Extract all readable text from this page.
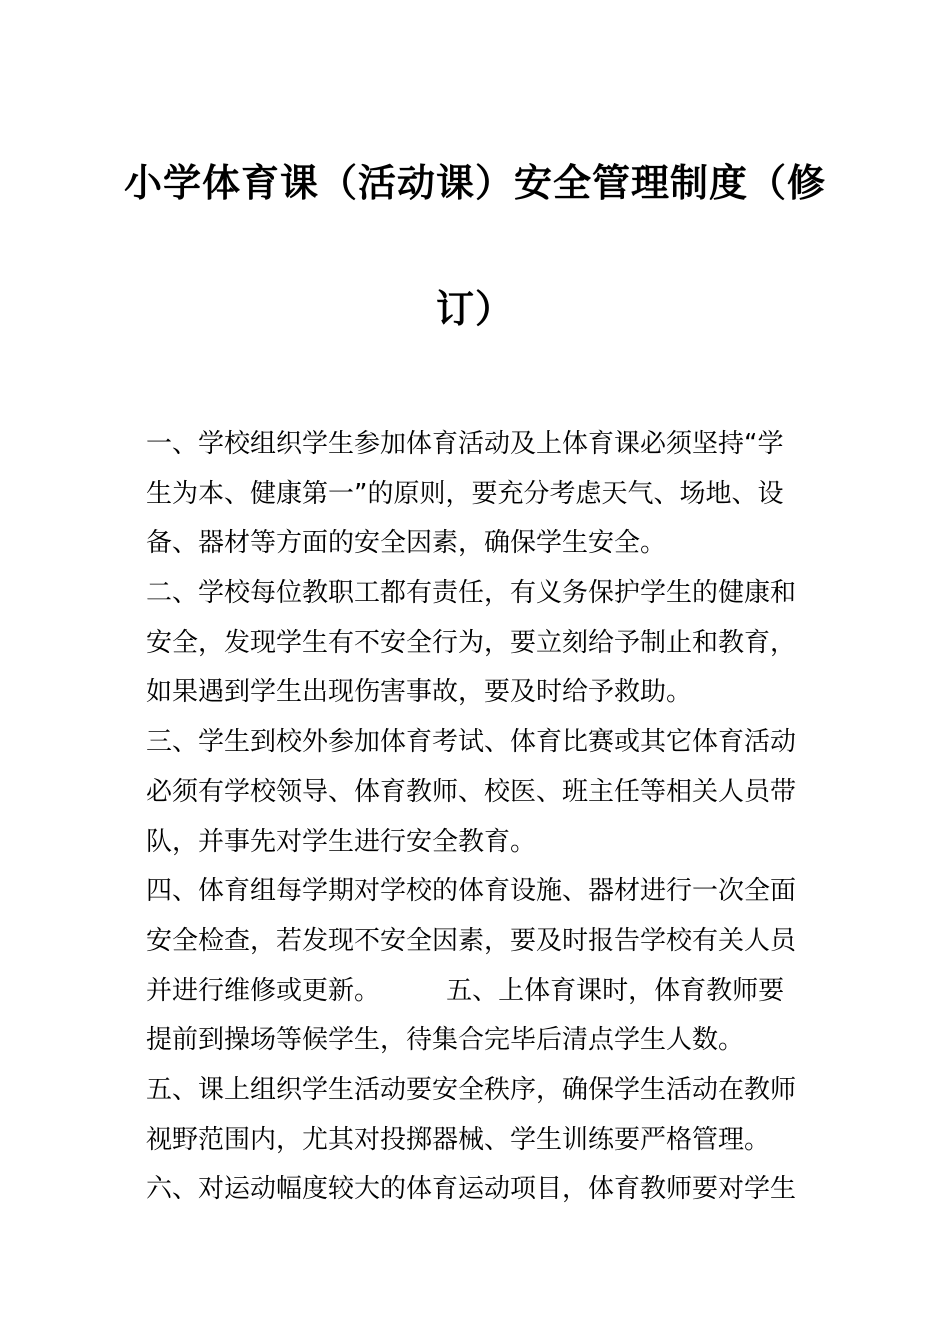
小学体育课（活动课）安全管理制度（修
订）
一、学校组织学生参加体育活动及上体育课必须坚持“学
生为本、健康第一”的原则，要充分考虑天气、场地、设
备、器材等方面的安全因素，确保学生安全。
二、学校每位教职工都有责任，有义务保护学生的健康和
安全，发现学生有不安全行为，要立刻给予制止和教育，
如果遇到学生出现伤害事故，要及时给予救助。
三、学生到校外参加体育考试、体育比赛或其它体育活动
必须有学校领导、体育教师、校医、班主任等相关人员带
队，并事先对学生进行安全教育。
四、体育组每学期对学校的体育设施、器材进行一次全面
安全检查，若发现不安全因素，要及时报告学校有关人员
并进行维修或更新。        五、上体育课时，体育教师要
提前到操场等候学生，待集合完毕后清点学生人数。
五、课上组织学生活动要安全秩序，确保学生活动在教师
视野范围内，尤其对投掷器械、学生训练要严格管理。
六、对运动幅度较大的体育运动项目，体育教师要对学生
